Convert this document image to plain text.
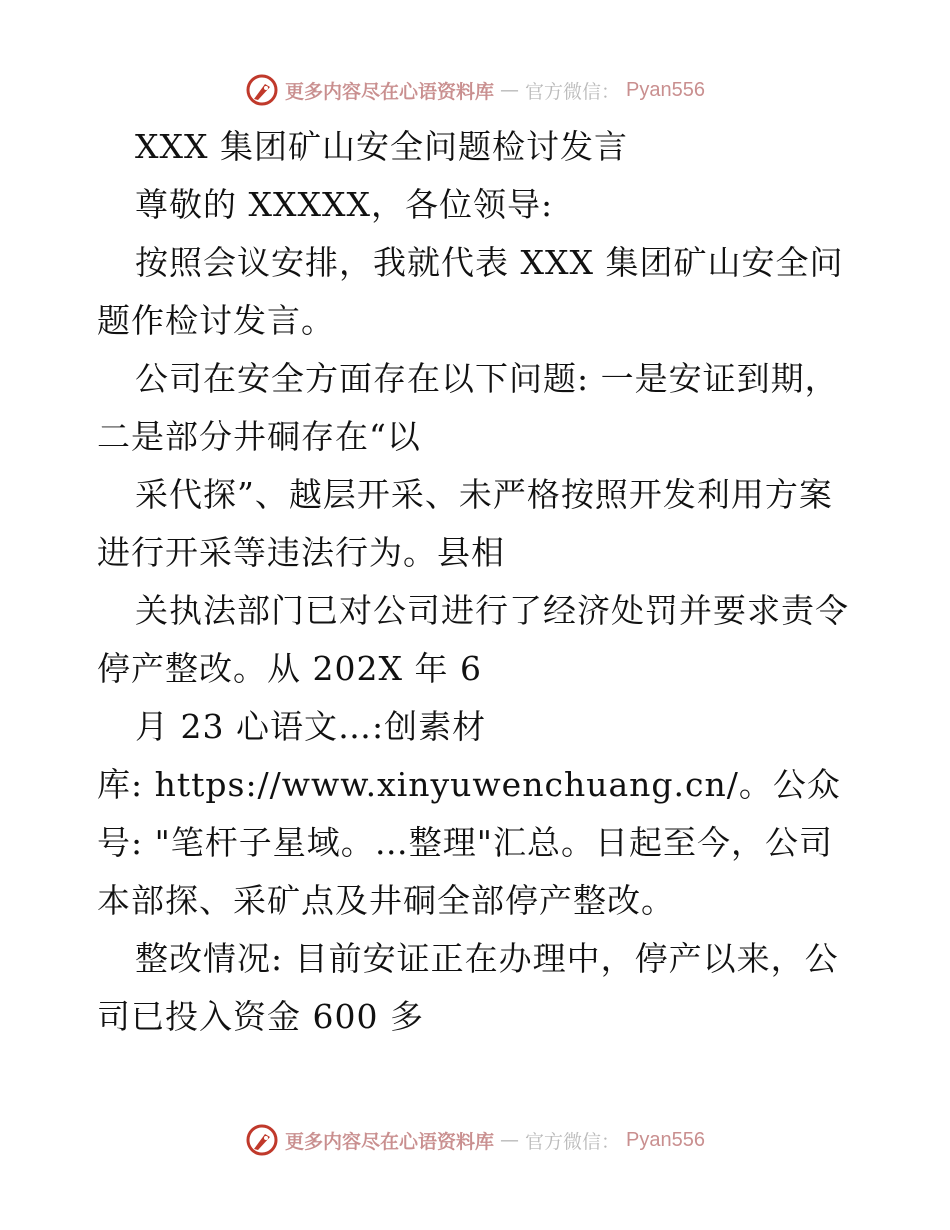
更多内容尽在心语资料库 — 官方微信： Pyan556
XXX 集团矿山安全问题检讨发言
尊敬的 XXXXX，各位领导:
按照会议安排，我就代表 XXX 集团矿山安全问
题作检讨发言。
公司在安全方面存在以下问题: 一是安证到期，
二是部分井硐存在“以
采代探”、越层开采、未严格按照开发利用方案
进行开采等违法行为。县相
关执法部门已对公司进行了经济处罚并要求责令
停产整改。从 202X 年 6
月 23 心语文…:创素材
库: https://www.xinyuwenchuang.cn/。公众
号: "笔杆子星域。…整理"汇总。日起至今，公司
本部探、采矿点及井硐全部停产整改。
整改情况: 目前安证正在办理中，停产以来，公
司已投入资金 600 多
更多内容尽在心语资料库 — 官方微信： Pyan556
